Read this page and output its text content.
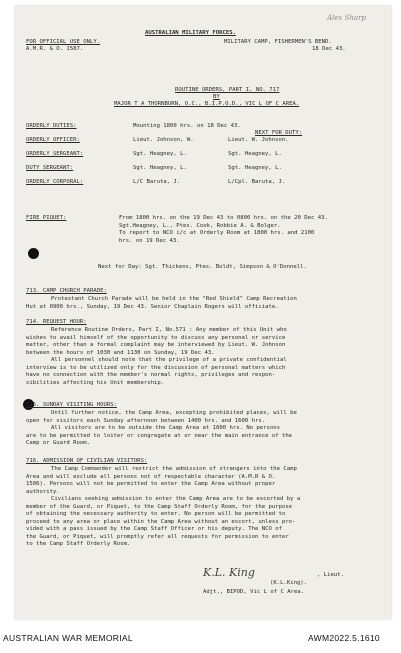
AUSTRALIAN MILITARY FORCES.
FOR OFFICIAL USE ONLY.
A.M.R. & O. 1587.
MILITARY CAMP, FISHERMEN'S BEND.
18 Dec 43.
Alex Sharp
ROUTINE ORDERS, PART I, NO. 717
BY
MAJOR T A THORNBURN, O.C., B.I.P.O.D., VIC L OF C AREA.
NEXT FOR DUTY:
ORDERLY DUTIES:	Mounting 1800 hrs. on 18 Dec 43.
ORDERLY OFFICER:	Lieut. Johnson, W.	Lieut. W. Johnson.
ORDERLY SERGEANT:	Sgt. Heagney, L.	Sgt. Heagney, L.
DUTY SERGEANT:	Sgt. Heagney, L.	Sgt. Heagney, L.
ORDERLY CORPORAL:	L/C Baruta, J.	L/Cpl. Baruta, J.
FIRE PIQUET:	From 1800 hrs. on the 19 Dec 43 to 0800 hrs. on the 20 Dec 43.
Sgt.Heagney, L., Ptes. Cook, Robbie A. & Bolger.
To report to NCO i/c at Orderly Room at 1800 hrs. and 2100
hrs. on 19 Dec 43.
Next for Day: Sgt. Thickens, Ptes. Boldt, Simpson & O'Donnell.
713. CAMP CHURCH PARADE:
Protestant Church Parade will be held in the "Red Shield" Camp Recreation
Hut at 0900 hrs., Sunday, 19 Dec 43. Senior Chaplain Rogers will officiate.
714. REQUEST HOUR:
Reference Routine Orders, Part I, No.571 : Any member of this Unit who
wishes to avail himself of the opportunity to discuss any personal or service
matter, other than a formal complaint may be interviewed by Lieut. W. Johnson
between the hours of 1030 and 1130 on Sunday, 19 Dec 43.
All personnel should note that the privilege of a private confidential
interview is to be utilized only for the discussion of personal matters which
have no connection with the member's normal rights, privileges and respon-
sibilities affecting his Unit membership.
715. SUNDAY VISITING HOURS:
Until further notice, the Camp Area, excepting prohibited places, will be
open for visitors each Sunday afternoon between 1400 hrs. and 1600 hrs.
All visitors are to be outside the Camp Area at 1800 hrs. No persons
are to be permitted to loiter or congregate at or near the main entrance of the
Camp or Guard Room.
716. ADMISSION OF CIVILIAN VISITORS:
The Camp Commander will restrict the admission of strangers into the Camp
Area and will exclude all persons not of respectable character (A.M.R & O.
1506). Persons will not be permitted to enter the Camp Area without proper
authority.
Civilians seeking admission to enter the Camp Area are to be escorted by a
member of the Guard, or Piquet, to the Camp Staff Orderly Room, for the purpose
of obtaining the necessary authority to enter. No person will be permitted to
proceed to any area or place within the Camp Area without an escort, unless pro-
vided with a pass issued by the Camp Staff Officer or his deputy. The NCO of
the Guard, or Piquet, will promptly refer all requests for permission to enter
to the Camp Staff Orderly Room.
K.L. King	, Lieut.
(K.L.King).
Adjt., BIPOD, Vic L of C Area.
AUSTRALIAN WAR MEMORIAL	AWM2022.5.1610
